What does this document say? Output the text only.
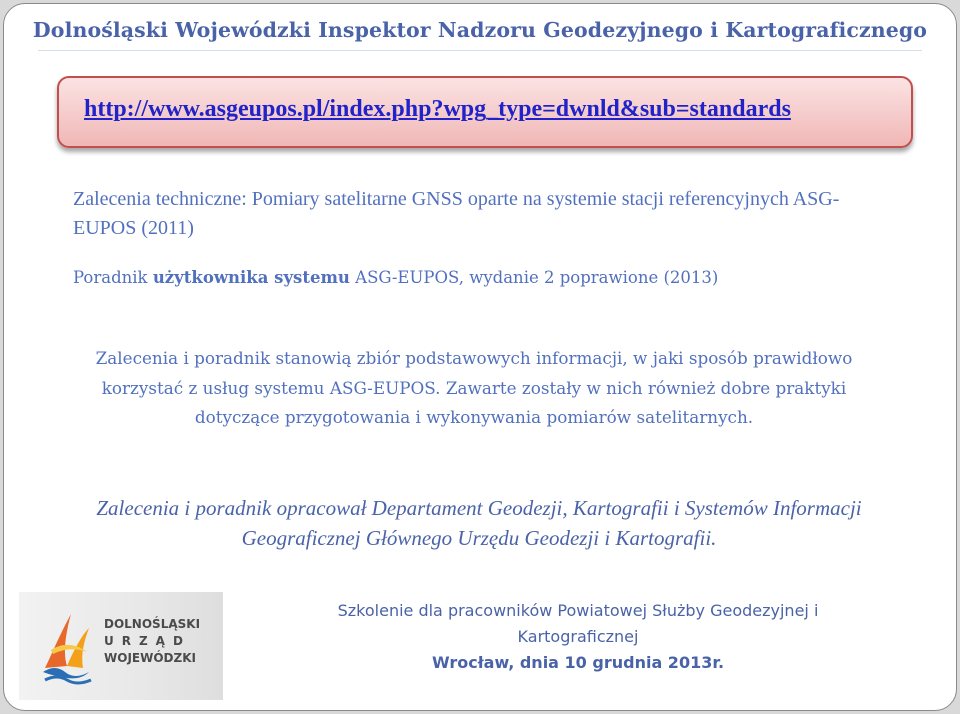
Dolnośląski Wojewódzki Inspektor Nadzoru Geodezyjnego i Kartograficznego
http://www.asgeupos.pl/index.php?wpg_type=dwnld&sub=standards
Zalecenia techniczne: Pomiary satelitarne GNSS oparte na systemie stacji referencyjnych ASG-EUPOS (2011)
Poradnik użytkownika systemu ASG-EUPOS, wydanie 2 poprawione (2013)
Zalecenia i poradnik stanowią zbiór podstawowych informacji, w jaki sposób prawidłowo korzystać z usług systemu ASG-EUPOS. Zawarte zostały w nich również dobre praktyki dotyczące przygotowania i wykonywania pomiarów satelitarnych.
Zalecenia i poradnik opracował Departament Geodezji, Kartografii i Systemów Informacji Geograficznej Głównego Urzędu Geodezji i Kartografii.
DOLNOŚLĄSKI
URZĄD
WOJEWÓDZKI
Szkolenie dla pracowników Powiatowej Służby Geodezyjnej i
Kartograficznej
Wrocław, dnia 10 grudnia 2013r.
